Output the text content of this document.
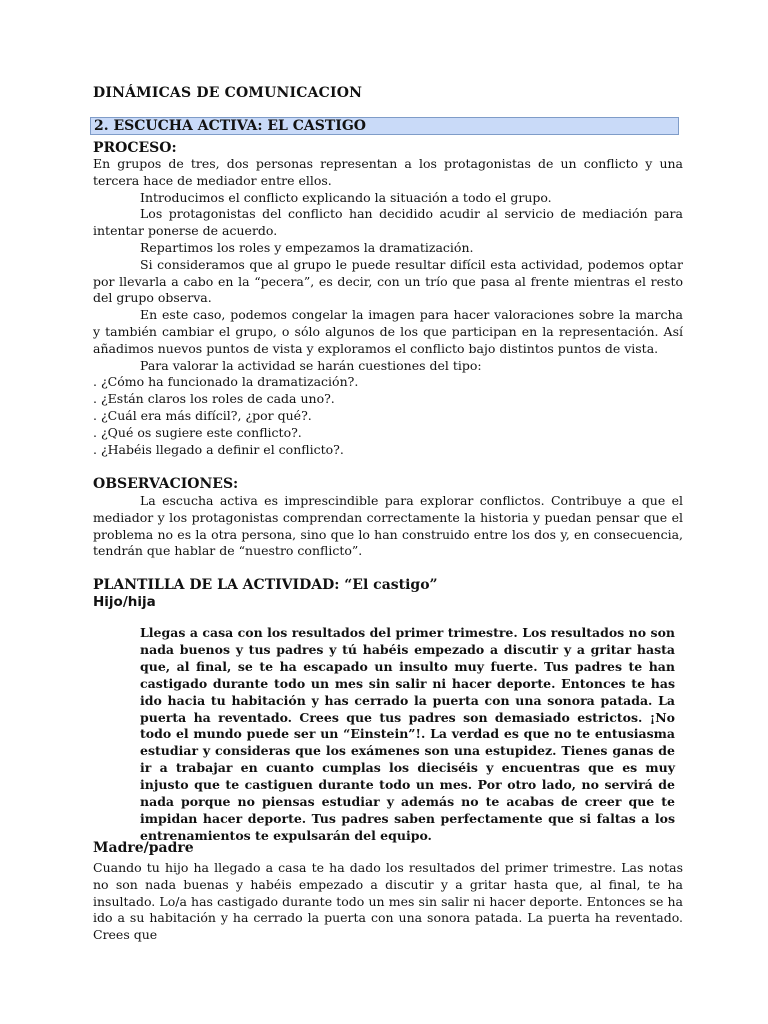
DINÁMICAS DE COMUNICACION
2. ESCUCHA ACTIVA: EL CASTIGO
PROCESO:

En grupos de tres, dos personas representan a los protagonistas de un conflicto y una tercera hace de mediador entre ellos.

Introducimos el conflicto explicando la situación a todo el grupo.

Los protagonistas del conflicto han decidido acudir al servicio de mediación para intentar ponerse de acuerdo.

Repartimos los roles y empezamos la dramatización.

Si consideramos que al grupo le puede resultar difícil esta actividad, podemos optar por llevarla a cabo en la “pecera”, es decir, con un trío que pasa al frente mientras el resto del grupo observa.

En este caso, podemos congelar la imagen para hacer valoraciones sobre la marcha y también cambiar el grupo, o sólo algunos de los que participan en la representación. Así añadimos nuevos puntos de vista y exploramos el conflicto bajo distintos puntos de vista.

Para valorar la actividad se harán cuestiones del tipo:

. ¿Cómo ha funcionado la dramatización?.

. ¿Están claros los roles de cada uno?.

. ¿Cuál era más difícil?, ¿por qué?.

. ¿Qué os sugiere este conflicto?.

. ¿Habéis llegado a definir el conflicto?.

OBSERVACIONES:

La escucha activa es imprescindible para explorar conflictos. Contribuye a que el mediador y los protagonistas comprendan correctamente la historia y puedan pensar que el problema no es la otra persona, sino que lo han construido entre los dos y, en consecuencia, tendrán que hablar de “nuestro conflicto”.

PLANTILLA DE LA ACTIVIDAD: “El castigo”
Hijo/hija
Llegas a casa con los resultados del primer trimestre. Los resultados no son nada buenos y tus padres y tú habéis empezado a discutir y a gritar hasta que, al final, se te ha escapado un insulto muy fuerte. Tus padres te han castigado durante todo un mes sin salir ni hacer deporte. Entonces te has ido hacia tu habitación y has cerrado la puerta con una sonora patada. La puerta ha reventado. Crees que tus padres son demasiado estrictos. ¡No todo el mundo puede ser un “Einstein”!. La verdad es que no te entusiasma estudiar y consideras que los exámenes son una estupidez. Tienes ganas de ir a trabajar en cuanto cumplas los dieciséis y encuentras que es muy injusto que te castiguen durante todo un mes. Por otro lado, no servirá de nada porque no piensas estudiar y además no te acabas de creer que te impidan hacer deporte. Tus padres saben perfectamente que si faltas a los entrenamientos te expulsarán del equipo.
Madre/padre

Cuando tu hijo ha llegado a casa te ha dado los resultados del primer trimestre. Las notas no son nada buenas y habéis empezado a discutir y a gritar hasta que, al final, te ha insultado. Lo/a has castigado durante todo un mes sin salir ni hacer deporte. Entonces se ha ido a su habitación y ha cerrado la puerta con una sonora patada. La puerta ha reventado. Crees que
